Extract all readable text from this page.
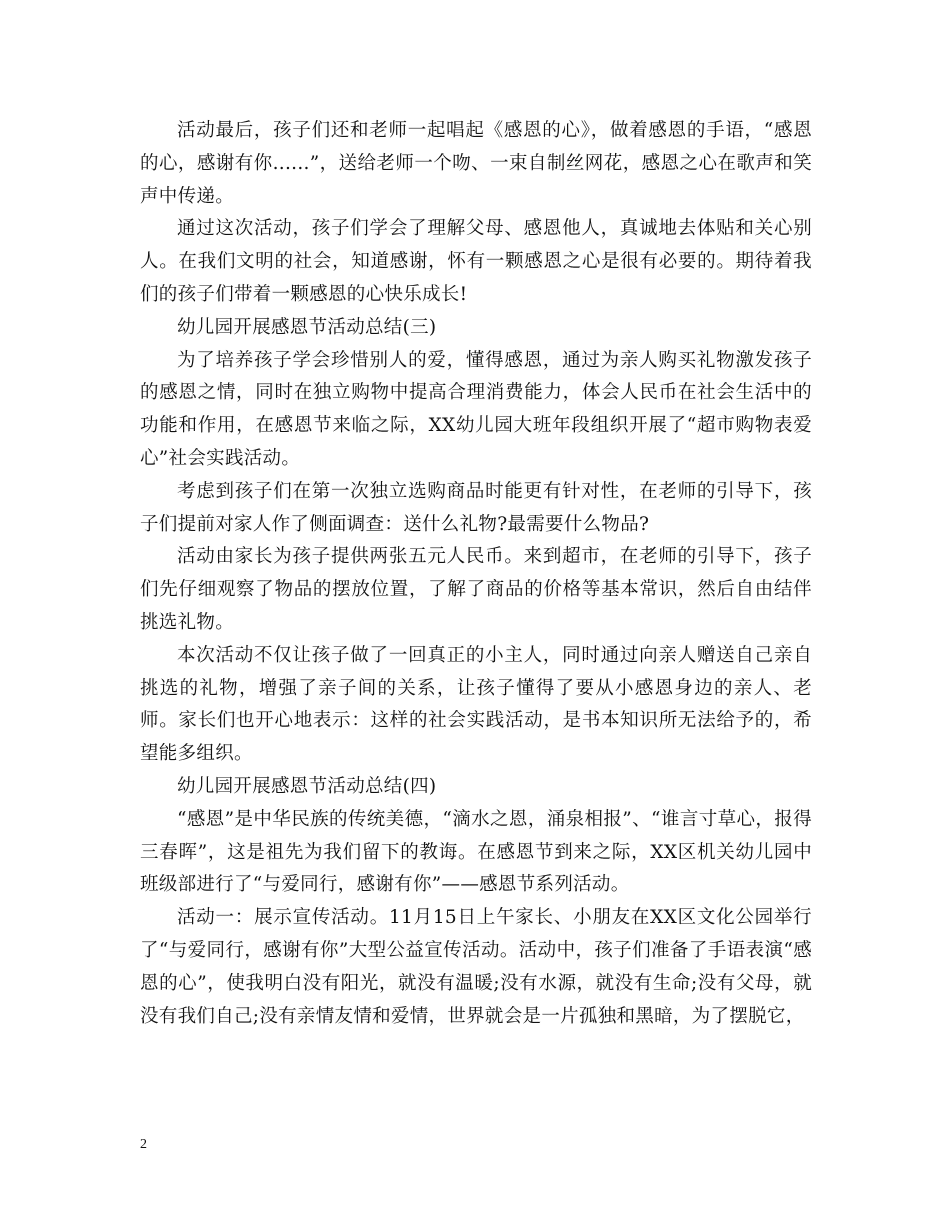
活动最后，孩子们还和老师一起唱起《感恩的心》，做着感恩的手语，“感恩的心，感谢有你......”，送给老师一个吻、一束自制丝网花，感恩之心在歌声和笑声中传递。

通过这次活动，孩子们学会了理解父母、感恩他人，真诚地去体贴和关心别人。在我们文明的社会，知道感谢，怀有一颗感恩之心是很有必要的。期待着我们的孩子们带着一颗感恩的心快乐成长!

幼儿园开展感恩节活动总结(三)

为了培养孩子学会珍惜别人的爱，懂得感恩，通过为亲人购买礼物激发孩子的感恩之情，同时在独立购物中提高合理消费能力，体会人民币在社会生活中的功能和作用，在感恩节来临之际，XX幼儿园大班年段组织开展了“超市购物表爱心”社会实践活动。

考虑到孩子们在第一次独立选购商品时能更有针对性，在老师的引导下，孩子们提前对家人作了侧面调查：送什么礼物?最需要什么物品?

活动由家长为孩子提供两张五元人民币。来到超市，在老师的引导下，孩子们先仔细观察了物品的摆放位置，了解了商品的价格等基本常识，然后自由结伴挑选礼物。

本次活动不仅让孩子做了一回真正的小主人，同时通过向亲人赠送自己亲自挑选的礼物，增强了亲子间的关系，让孩子懂得了要从小感恩身边的亲人、老师。家长们也开心地表示：这样的社会实践活动，是书本知识所无法给予的，希望能多组织。

幼儿园开展感恩节活动总结(四)

“感恩”是中华民族的传统美德，“滴水之恩，涌泉相报”、“谁言寸草心，报得三春晖”，这是祖先为我们留下的教诲。在感恩节到来之际，XX区机关幼儿园中班级部进行了“与爱同行，感谢有你”——感恩节系列活动。

活动一：展示宣传活动。11月15日上午家长、小朋友在XX区文化公园举行了“与爱同行，感谢有你”大型公益宣传活动。活动中，孩子们准备了手语表演“感恩的心”，使我明白没有阳光，就没有温暖;没有水源，就没有生命;没有父母，就没有我们自己;没有亲情友情和爱情，世界就会是一片孤独和黑暗，为了摆脱它，

2
